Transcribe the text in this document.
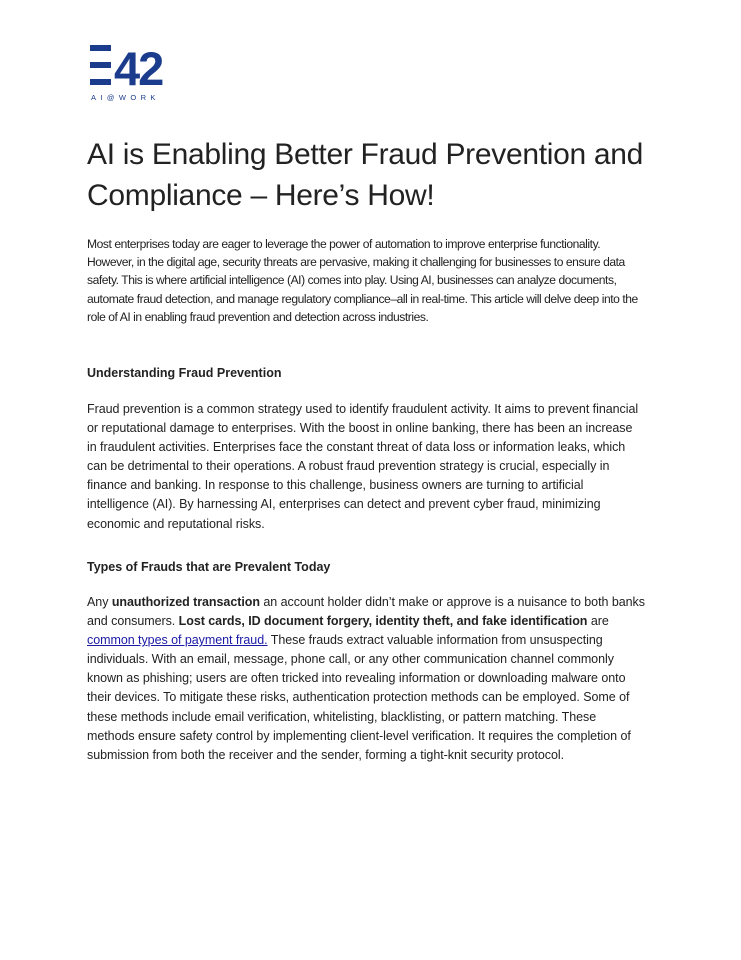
42
AI@WORK
AI is Enabling Better Fraud Prevention and Compliance – Here’s How!

Most enterprises today are eager to leverage the power of automation to improve enterprise functionality. However, in the digital age, security threats are pervasive, making it challenging for businesses to ensure data safety. This is where artificial intelligence (AI) comes into play. Using AI, businesses can analyze documents, automate fraud detection, and manage regulatory compliance–all in real-time. This article will delve deep into the role of AI in enabling fraud prevention and detection across industries.

Understanding Fraud Prevention

Fraud prevention is a common strategy used to identify fraudulent activity. It aims to prevent financial or reputational damage to enterprises. With the boost in online banking, there has been an increase in fraudulent activities. Enterprises face the constant threat of data loss or information leaks, which can be detrimental to their operations. A robust fraud prevention strategy is crucial, especially in finance and banking. In response to this challenge, business owners are turning to artificial intelligence (AI). By harnessing AI, enterprises can detect and prevent cyber fraud, minimizing economic and reputational risks.

Types of Frauds that are Prevalent Today

Any unauthorized transaction an account holder didn’t make or approve is a nuisance to both banks and consumers. Lost cards, ID document forgery, identity theft, and fake identification are common types of payment fraud. These frauds extract valuable information from unsuspecting individuals. With an email, message, phone call, or any other communication channel commonly known as phishing; users are often tricked into revealing information or downloading malware onto their devices. To mitigate these risks, authentication protection methods can be employed. Some of these methods include email verification, whitelisting, blacklisting, or pattern matching. These methods ensure safety control by implementing client-level verification. It requires the completion of submission from both the receiver and the sender, forming a tight-knit security protocol.
